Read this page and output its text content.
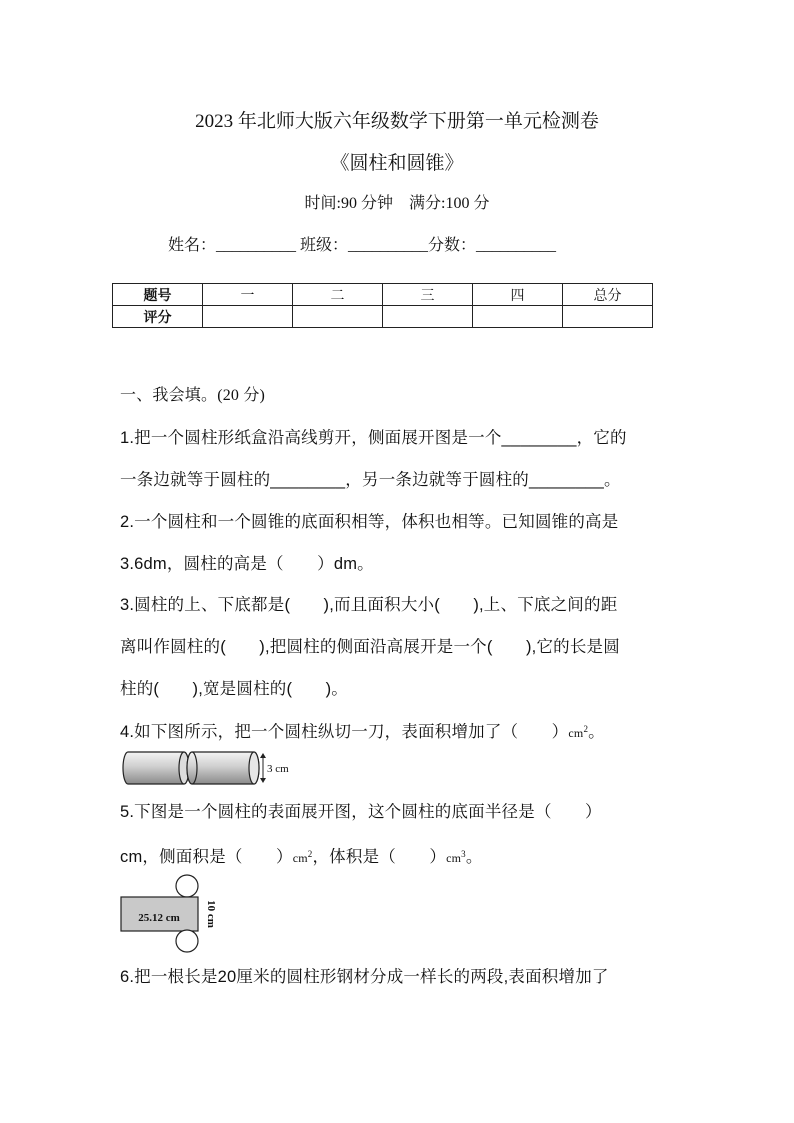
2023 年北师大版六年级数学下册第一单元检测卷
《圆柱和圆锥》
时间:90 分钟　满分:100 分
姓名：__________ 班级：__________分数：__________
题号	一	二	三	四	总分
评分					
一、我会填。(20 分)
1.把一个圆柱形纸盒沿高线剪开，侧面展开图是一个________，它的
一条边就等于圆柱的________，另一条边就等于圆柱的________。
2.一个圆柱和一个圆锥的底面积相等，体积也相等。已知圆锥的高是
3.6dm，圆柱的高是（　　）dm。
3.圆柱的上、下底都是(　　),而且面积大小(　　),上、下底之间的距
离叫作圆柱的(　　),把圆柱的侧面沿高展开是一个(　　),它的长是圆
柱的(　　),宽是圆柱的(　　)。
4.如下图所示，把一个圆柱纵切一刀，表面积增加了（　　）$cm^2$。
3 cm
5.下图是一个圆柱的表面展开图，这个圆柱的底面半径是（　　）
cm，侧面积是（　　）$cm^2$，体积是（　　）$cm^3$。
25.12 cm 10 cm
6.把一根长是20厘米的圆柱形钢材分成一样长的两段,表面积增加了
